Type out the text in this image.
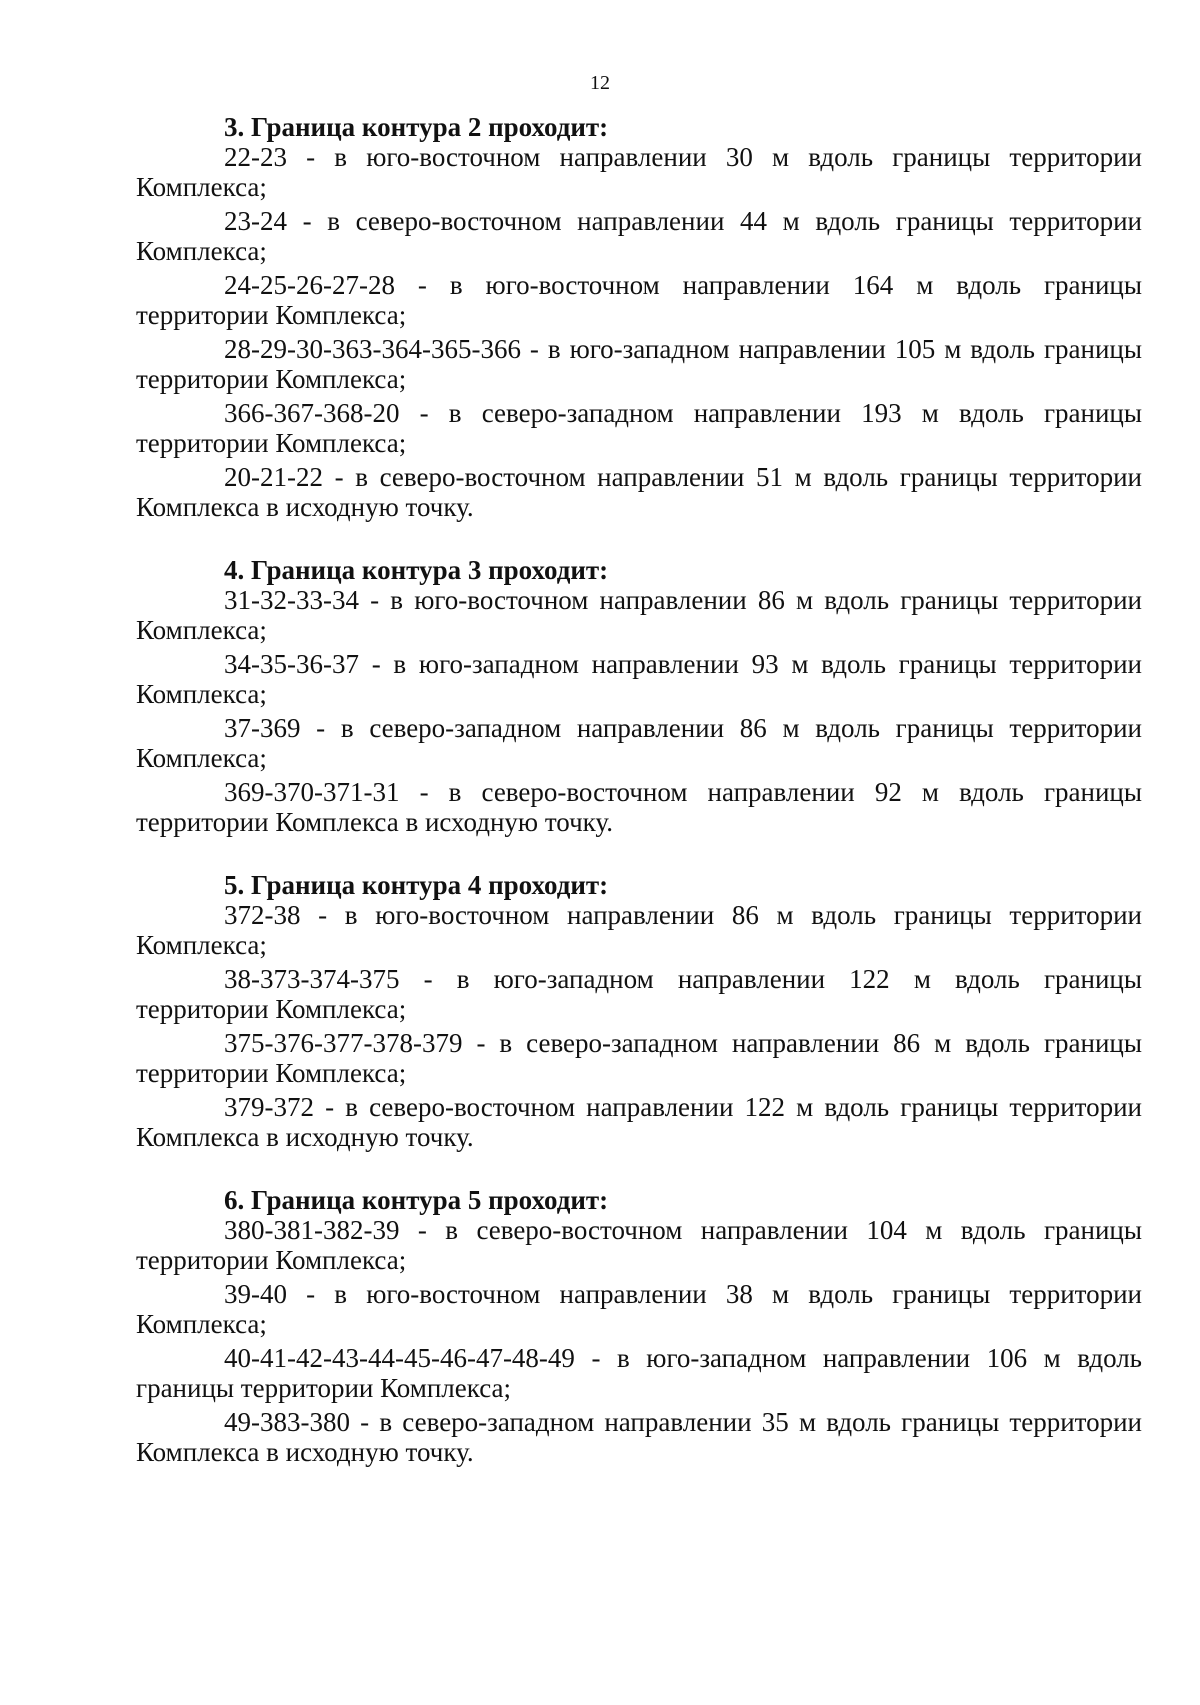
12

3. Граница контура 2 проходит:

22-23 - в юго-восточном направлении 30 м вдоль границы территории Комплекса;

23-24 - в северо-восточном направлении 44 м вдоль границы территории Комплекса;

24-25-26-27-28 - в юго-восточном направлении 164 м вдоль границы территории Комплекса;

28-29-30-363-364-365-366 - в юго-западном направлении 105 м вдоль границы территории Комплекса;

366-367-368-20 - в северо-западном направлении 193 м вдоль границы территории Комплекса;

20-21-22 - в северо-восточном направлении 51 м вдоль границы территории Комплекса в исходную точку.

4. Граница контура 3 проходит:

31-32-33-34 - в юго-восточном направлении 86 м вдоль границы территории Комплекса;

34-35-36-37 - в юго-западном направлении 93 м вдоль границы территории Комплекса;

37-369 - в северо-западном направлении 86 м вдоль границы территории Комплекса;

369-370-371-31 - в северо-восточном направлении 92 м вдоль границы территории Комплекса в исходную точку.

5. Граница контура 4 проходит:

372-38 - в юго-восточном направлении 86 м вдоль границы территории Комплекса;

38-373-374-375 - в юго-западном направлении 122 м вдоль границы территории Комплекса;

375-376-377-378-379 - в северо-западном направлении 86 м вдоль границы территории Комплекса;

379-372 - в северо-восточном направлении 122 м вдоль границы территории Комплекса в исходную точку.

6. Граница контура 5 проходит:

380-381-382-39 - в северо-восточном направлении 104 м вдоль границы территории Комплекса;

39-40 - в юго-восточном направлении 38 м вдоль границы территории Комплекса;

40-41-42-43-44-45-46-47-48-49 - в юго-западном направлении 106 м вдоль границы территории Комплекса;

49-383-380 - в северо-западном направлении 35 м вдоль границы территории Комплекса в исходную точку.
